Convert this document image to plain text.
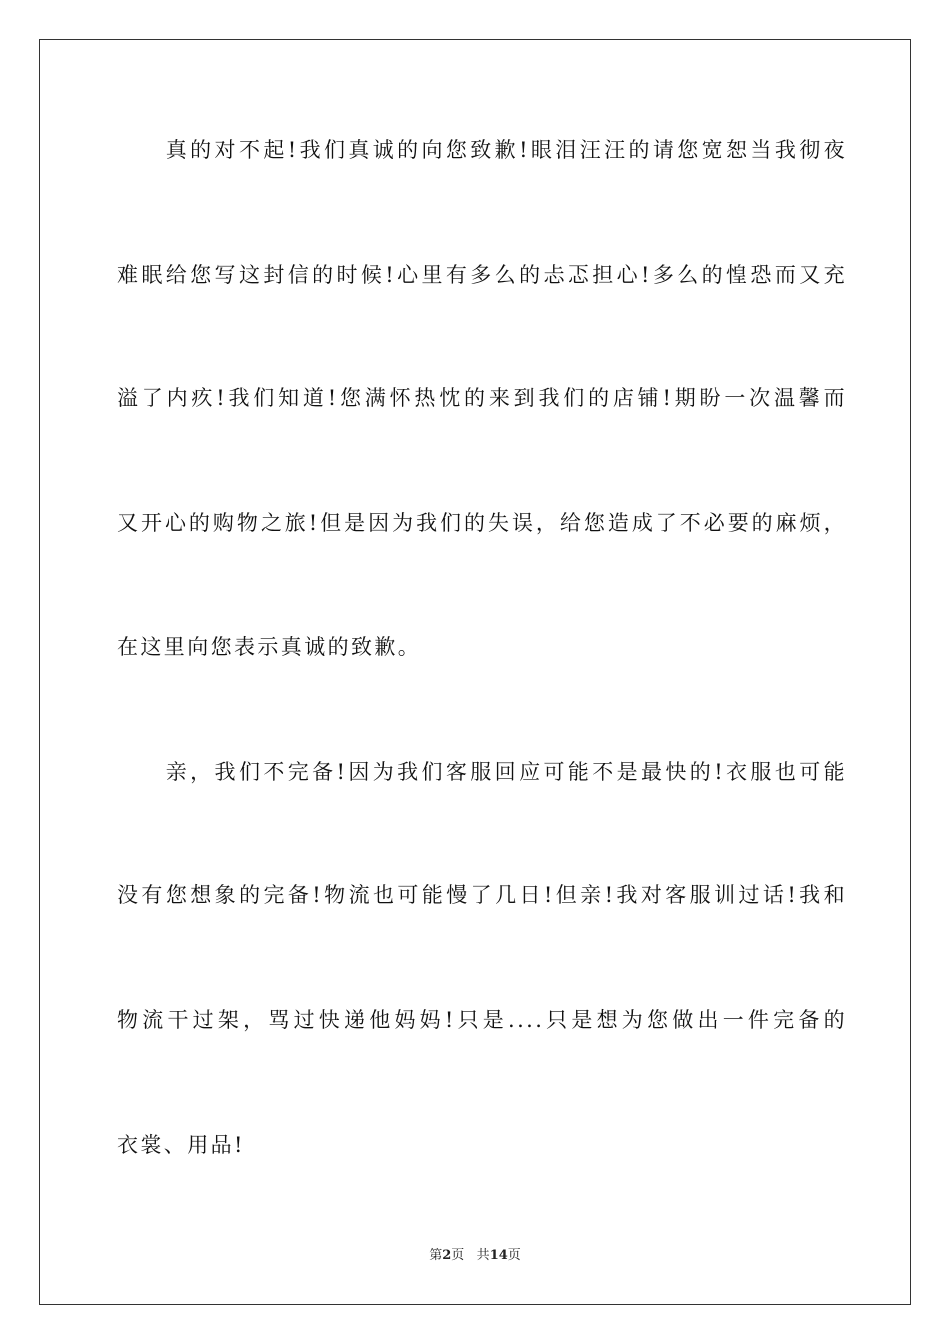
　　真的对不起!我们真诚的向您致歉!眼泪汪汪的请您宽恕当我彻夜
难眠给您写这封信的时候!心里有多么的忐忑担心!多么的惶恐而又充
溢了内疚!我们知道!您满怀热忱的来到我们的店铺!期盼一次温馨而
又开心的购物之旅!但是因为我们的失误，给您造成了不必要的麻烦，
在这里向您表示真诚的致歉。
　　亲，我们不完备!因为我们客服回应可能不是最快的!衣服也可能
没有您想象的完备!物流也可能慢了几日!但亲!我对客服训过话!我和
物流干过架，骂过快递他妈妈!只是....只是想为您做出一件完备的
衣裳、用品!
第2页 共14页
